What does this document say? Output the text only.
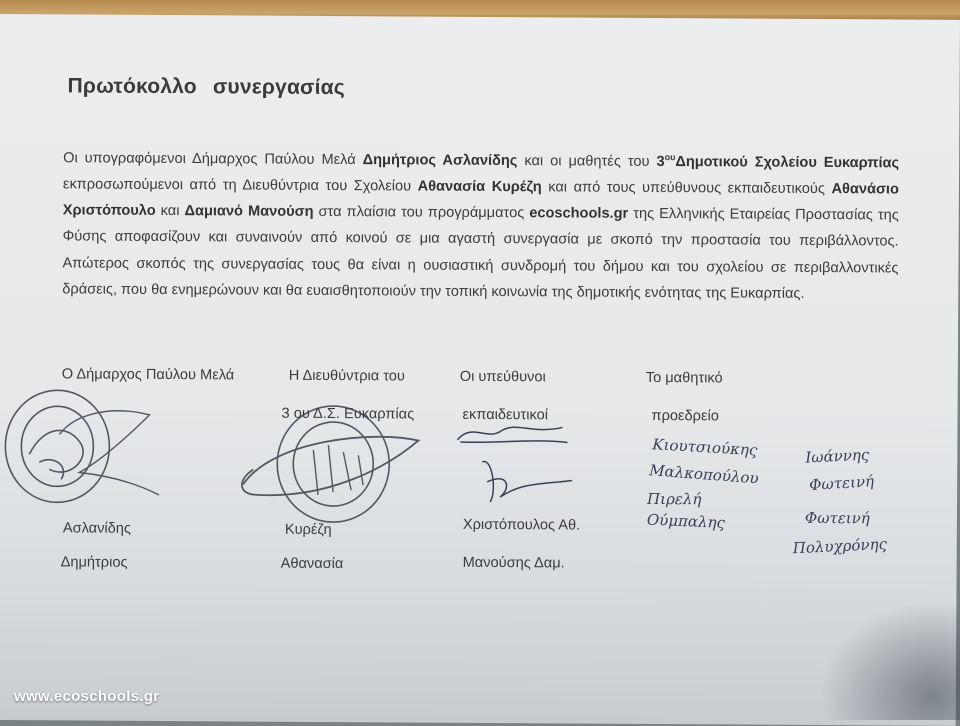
Πρωτόκολλο συνεργασίας
Οι υπογραφόμενοι Δήμαρχος Παύλου Μελά Δημήτριος Ασλανίδης και οι μαθητές του $3^{o\upsilon}\Delta\eta\mu o\tau\iota\kappa oύ$ Σχολείου Ευκαρπίας εκπροσωπούμενοι από τη Διευθύντρια του Σχολείου Αθανασία Κυρέζη και από τους υπεύθυνους εκπαιδευτικούς Αθανάσιο Χριστόπουλο και Δαμιανό Μανούση στα πλαίσια του προγράμματος ecoschools.gr της Ελληνικής Εταιρείας Προστασίας της Φύσης αποφασίζουν και συναινούν από κοινού σε μια αγαστή συνεργασία με σκοπό την προστασία του περιβάλλοντος. Απώτερος σκοπός της συνεργασίας τους θα είναι η ουσιαστική συνδρομή του δήμου και του σχολείου σε περιβαλλοντικές δράσεις, που θα ενημερώνουν και θα ευαισθητοποιούν την τοπική κοινωνία της δημοτικής ενότητας της Ευκαρπίας.
Ο Δήμαρχος Παύλου Μελά	Η Διευθύντρια του
3 ου Δ.Σ. Ευκαρπίας
Οι υπεύθυνοι
εκπαιδευτικοί
Το μαθητικό
προεδρείο
Ασλανίδης
Δημήτριος
Κυρέζη
Αθανασία
Χριστόπουλος Αθ.
Μανούσης Δαμ.
Κιουτσιούκης
Μαλκοπούλου
Πιρελή
Ούμπαλης
Ιωάννης
Φωτεινή
Φωτεινή
Πολυχρόνης
www.ecoschools.gr
